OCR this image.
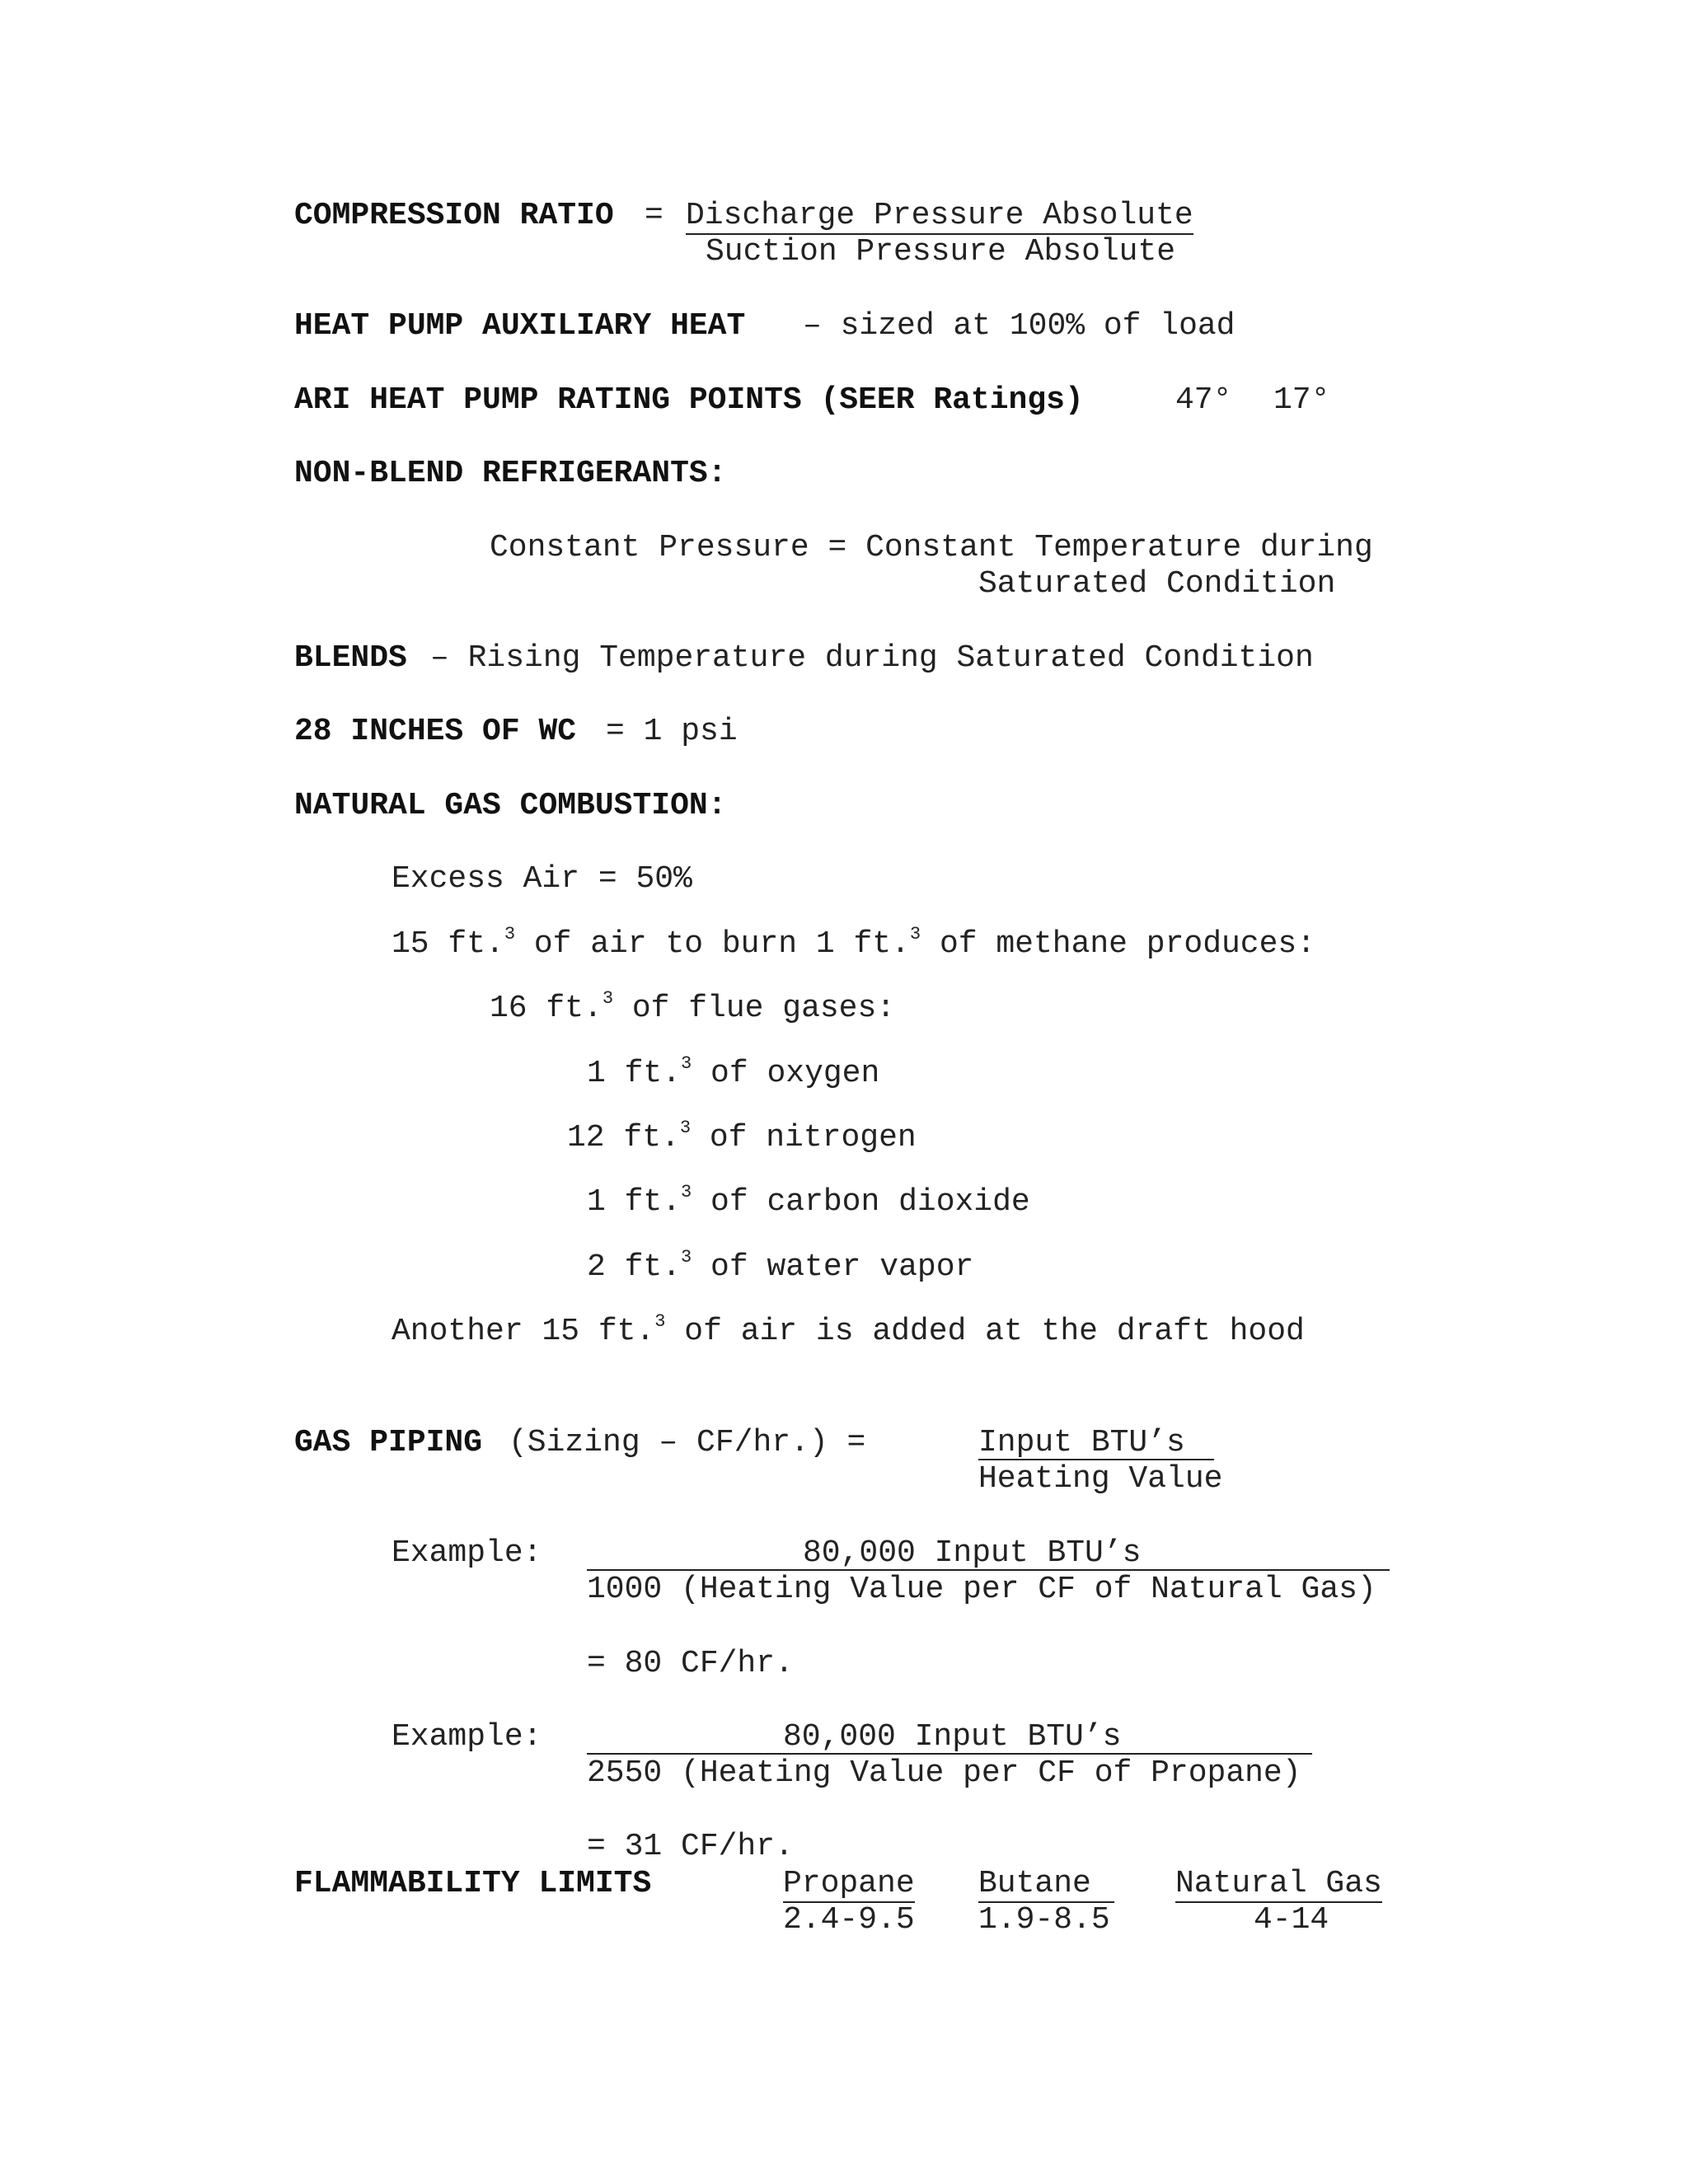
COMPRESSION RATIO = Discharge Pressure Absolute
Suction Pressure Absolute
HEAT PUMP AUXILIARY HEAT – sized at 100% of load
ARI HEAT PUMP RATING POINTS (SEER Ratings)	47° 17°
NON-BLEND REFRIGERANTS:
Constant Pressure = Constant Temperature during
Saturated Condition
BLENDS – Rising Temperature during Saturated Condition
28 INCHES OF WC = 1 psi
NATURAL GAS COMBUSTION:
Excess Air = 50%
15 ft.$^3$ of air to burn 1 ft.$^3$ of methane produces:
16 ft.$^3$ of flue gases:
1 ft.$^3$ of oxygen
12 ft.$^3$ of nitrogen
1 ft.$^3$ of carbon dioxide
2 ft.$^3$ of water vapor
Another 15 ft.$^3$ of air is added at the draft hood
GAS PIPING (Sizing – CF/hr.) =	Input BTU’s
Heating Value
Example:	80,000 Input BTU’s
1000 (Heating Value per CF of Natural Gas)
= 80 CF/hr.
Example:	80,000 Input BTU’s
2550 (Heating Value per CF of Propane)
= 31 CF/hr.
FLAMMABILITY LIMITS	Propane Butane	Natural Gas
2.4-9.5 1.9-8.5	4-14
